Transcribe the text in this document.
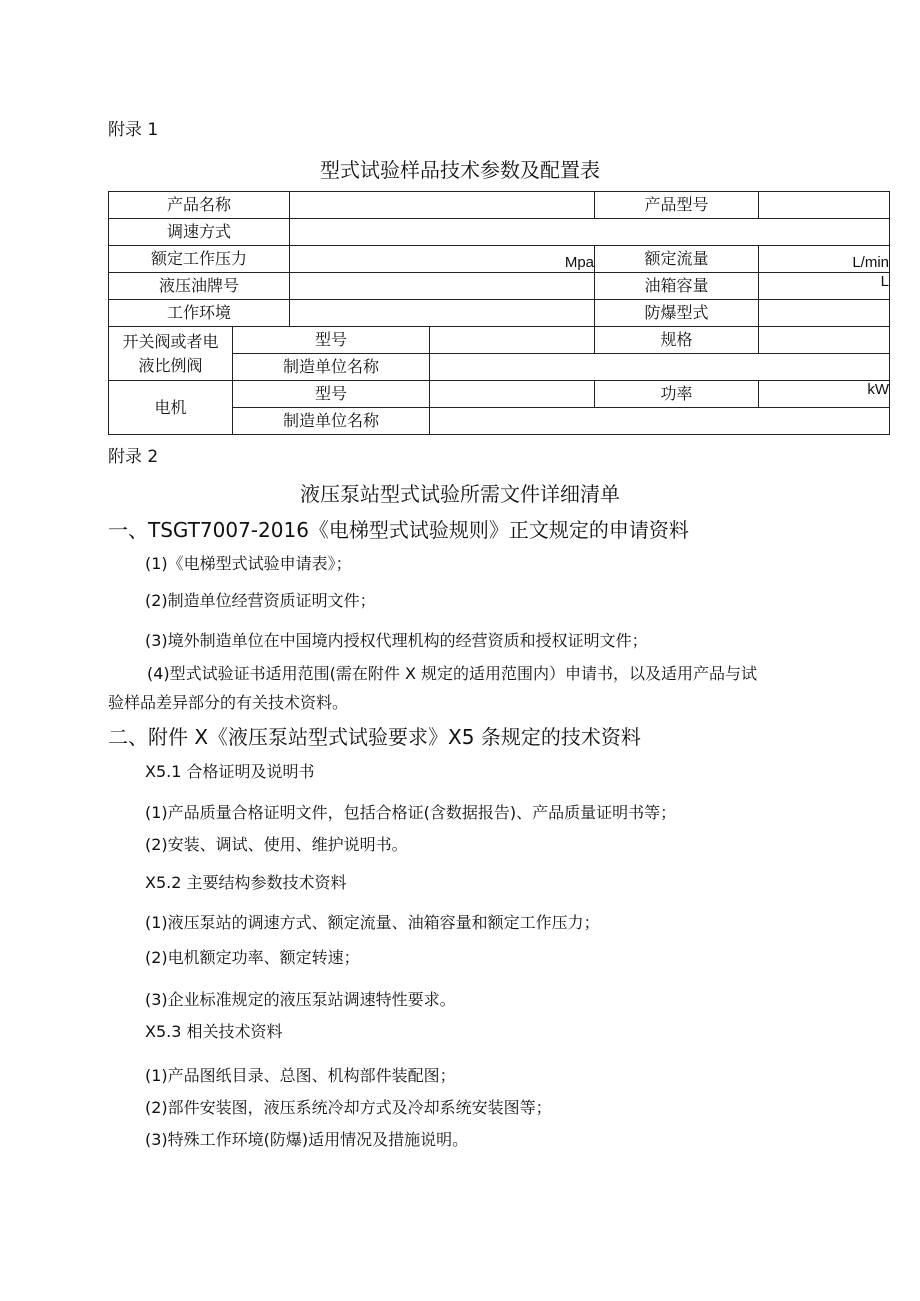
附录 1
型式试验样品技术参数及配置表
产品名称				产品型号	
调速方式					
额定工作压力		Mpa		额定流量	L/min
液压油牌号				油箱容量	L
工作环境				防爆型式	
开关阀或者电
液比例阀	型号			规格	
	制造单位名称				
电机	型号			功率	kW
	制造单位名称				
附录 2
液压泵站型式试验所需文件详细清单
一、TSGT7007-2016《电梯型式试验规则》正文规定的申请资料
(1)《电梯型式试验申请表》；
(2)制造单位经营资质证明文件；
(3)境外制造单位在中国境内授权代理机构的经营资质和授权证明文件；
(4)型式试验证书适用范围(需在附件 X 规定的适用范围内）申请书，以及适用产品与试
验样品差异部分的有关技术资料。
二、附件 X《液压泵站型式试验要求》X5 条规定的技术资料
X5.1 合格证明及说明书
(1)产品质量合格证明文件，包括合格证(含数据报告)、产品质量证明书等；
(2)安装、调试、使用、维护说明书。
X5.2 主要结构参数技术资料
(1)液压泵站的调速方式、额定流量、油箱容量和额定工作压力；
(2)电机额定功率、额定转速；
(3)企业标准规定的液压泵站调速特性要求。
X5.3 相关技术资料
(1)产品图纸目录、总图、机构部件装配图；
(2)部件安装图，液压系统冷却方式及冷却系统安装图等；
(3)特殊工作环境(防爆)适用情况及措施说明。
